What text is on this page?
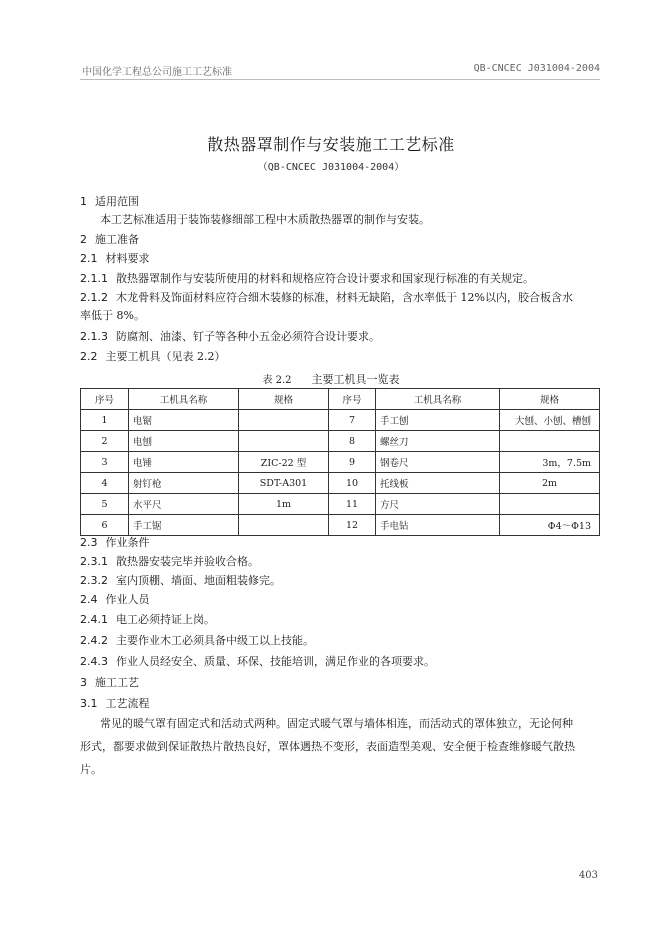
中国化学工程总公司施工工艺标准	QB-CNCEC J031004-2004
散热器罩制作与安装施工工艺标准
（QB-CNCEC J031004-2004）
1 适用范围
本工艺标准适用于装饰装修细部工程中木质散热器罩的制作与安装。
2 施工准备
2.1 材料要求
2.1.1 散热器罩制作与安装所使用的材料和规格应符合设计要求和国家现行标准的有关规定。
2.1.2 木龙骨料及饰面材料应符合细木装修的标准，材料无缺陷，含水率低于 12%以内，胶合板含水
率低于 8%。
2.1.3 防腐剂、油漆、钉子等各种小五金必须符合设计要求。
2.2 主要工机具（见表 2.2）
表 2.2 主要工机具一览表
序号	工机具名称	规格	序号	工机具名称	规格
1	电锯		7	手工刨	大刨、小刨、槽刨
2	电刨		8	螺丝刀	
3	电锤	ZIC-22 型	9	钢卷尺	3m，7.5m
4	射钉枪	SDT-A301	10	托线板	2m
5	水平尺	1m	11	方尺	
6	手工锯		12	手电钻	Φ4～Φ13
2.3 作业条件
2.3.1 散热器安装完毕并验收合格。
2.3.2 室内顶棚、墙面、地面粗装修完。
2.4 作业人员
2.4.1 电工必须持证上岗。
2.4.2 主要作业木工必须具备中级工以上技能。
2.4.3 作业人员经安全、质量、环保、技能培训，满足作业的各项要求。
3 施工工艺
3.1 工艺流程
常见的暖气罩有固定式和活动式两种。固定式暖气罩与墙体相连，而活动式的罩体独立，无论何种
形式，都要求做到保证散热片散热良好，罩体遇热不变形，表面造型美观、安全便于检查维修暖气散热
片。
403
